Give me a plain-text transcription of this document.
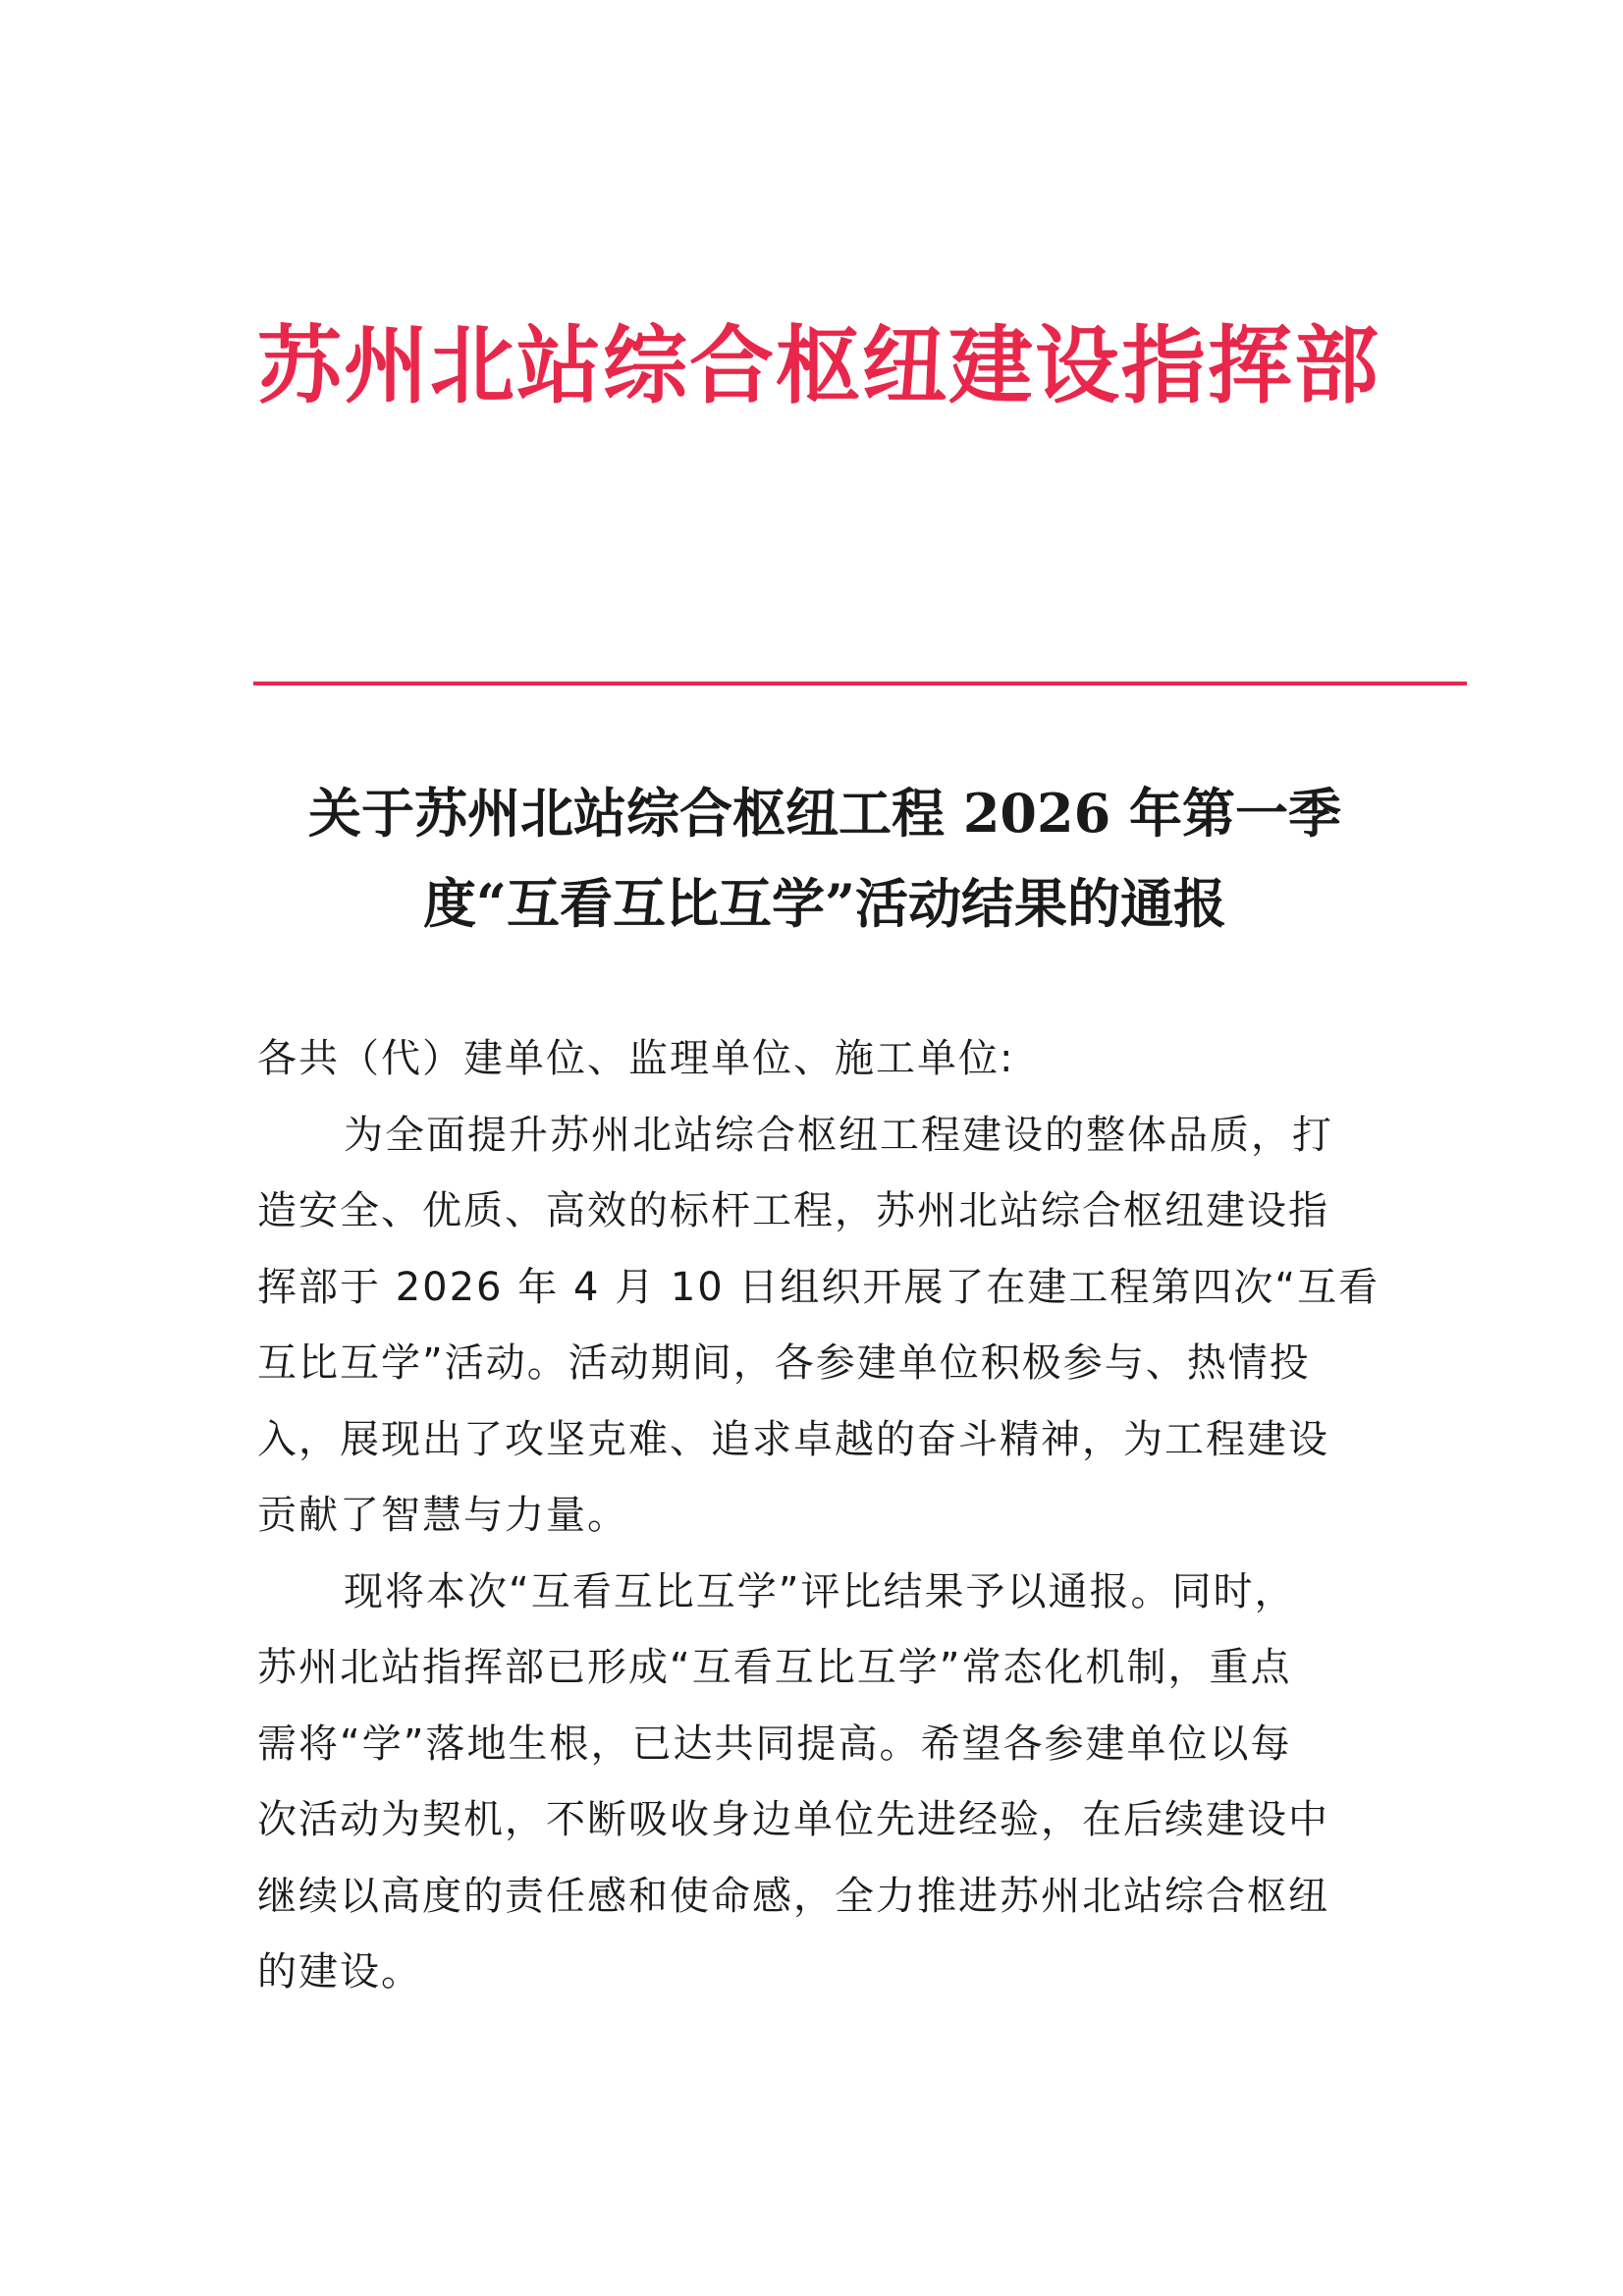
苏州北站综合枢纽建设指挥部
关于苏州北站综合枢纽工程 2026 年第一季
度“互看互比互学”活动结果的通报
各共（代）建单位、监理单位、施工单位:
为全面提升苏州北站综合枢纽工程建设的整体品质，打
造安全、优质、高效的标杆工程，苏州北站综合枢纽建设指
挥部于 2026 年 4 月 10 日组织开展了在建工程第四次“互看
互比互学”活动。活动期间，各参建单位积极参与、热情投
入，展现出了攻坚克难、追求卓越的奋斗精神，为工程建设
贡献了智慧与力量。
现将本次“互看互比互学”评比结果予以通报。同时，
苏州北站指挥部已形成“互看互比互学”常态化机制，重点
需将“学”落地生根，已达共同提高。希望各参建单位以每
次活动为契机，不断吸收身边单位先进经验，在后续建设中
继续以高度的责任感和使命感，全力推进苏州北站综合枢纽
的建设。
